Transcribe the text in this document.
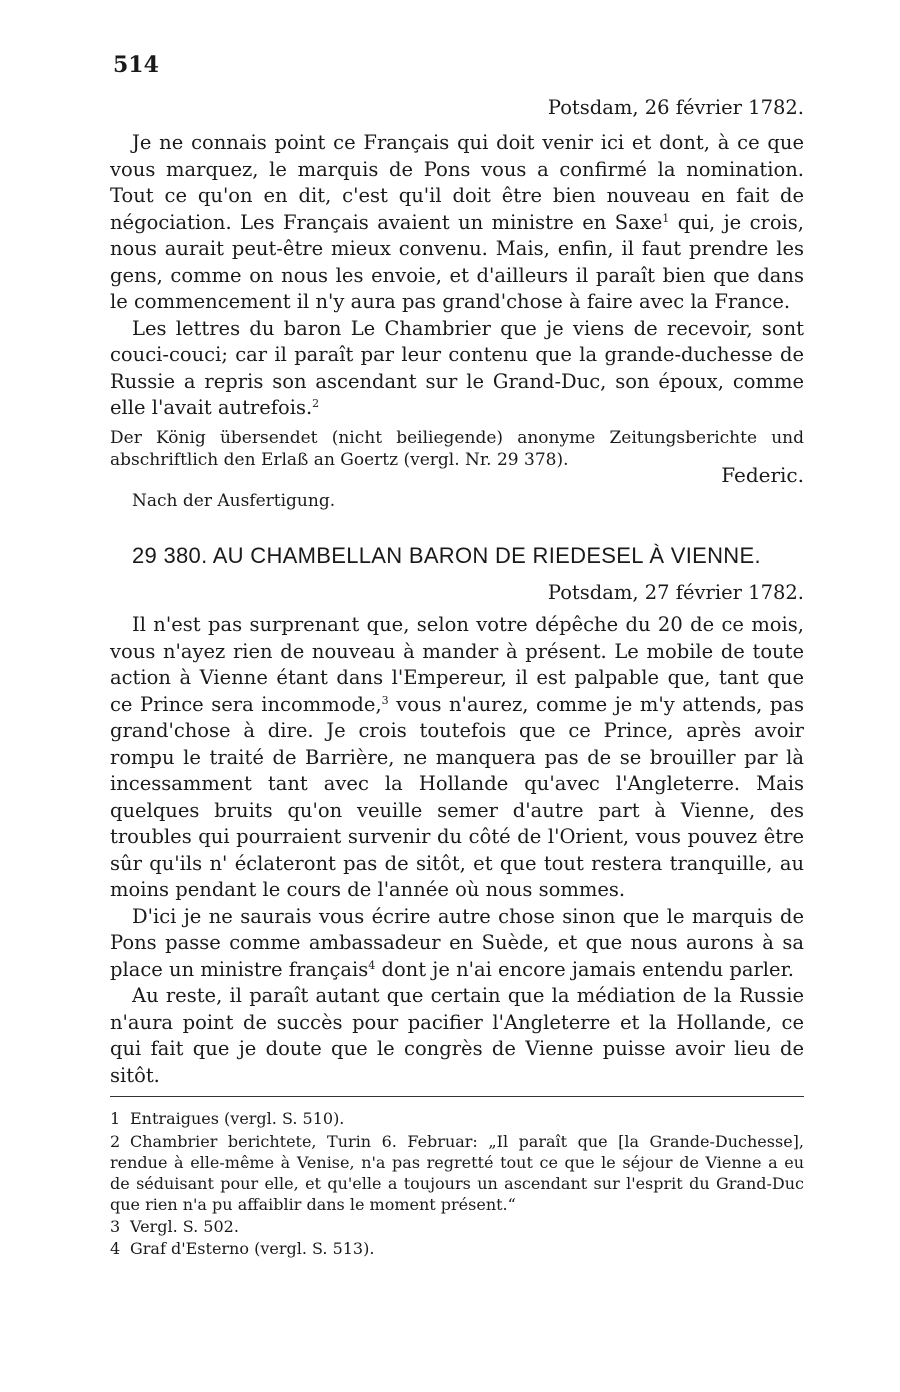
514
Potsdam, 26 février 1782.

Je ne connais point ce Français qui doit venir ici et dont, à ce que vous marquez, le marquis de Pons vous a confirmé la nomination. Tout ce qu'on en dit, c'est qu'il doit être bien nouveau en fait de négociation. Les Français avaient un ministre en Saxe$^1$ qui, je crois, nous aurait peut-être mieux convenu. Mais, enfin, il faut prendre les gens, comme on nous les envoie, et d'ailleurs il paraît bien que dans le commencement il n'y aura pas grand'chose à faire avec la France.

Les lettres du baron Le Chambrier que je viens de recevoir, sont couci-couci; car il paraît par leur contenu que la grande-duchesse de Russie a repris son ascendant sur le Grand-Duc, son époux, comme elle l'avait autrefois.$^2$

Der König übersendet (nicht beiliegende) anonyme Zeitungsberichte und abschriftlich den Erlaß an Goertz (vergl. Nr. 29 378).
Federic.
Nach der Ausfertigung.
29 380. AU CHAMBELLAN BARON DE RIEDESEL À VIENNE.
Potsdam, 27 février 1782.

Il n'est pas surprenant que, selon votre dépêche du 20 de ce mois, vous n'ayez rien de nouveau à mander à présent. Le mobile de toute action à Vienne étant dans l'Empereur, il est palpable que, tant que ce Prince sera incommode,$^3$ vous n'aurez, comme je m'y attends, pas grand'chose à dire. Je crois toutefois que ce Prince, après avoir rompu le traité de Barrière, ne manquera pas de se brouiller par là incessamment tant avec la Hollande qu'avec l'Angleterre. Mais quelques bruits qu'on veuille semer d'autre part à Vienne, des troubles qui pourraient survenir du côté de l'Orient, vous pouvez être sûr qu'ils n' éclateront pas de sitôt, et que tout restera tranquille, au moins pendant le cours de l'année où nous sommes.

D'ici je ne saurais vous écrire autre chose sinon que le marquis de Pons passe comme ambassadeur en Suède, et que nous aurons à sa place un ministre français$^4$ dont je n'ai encore jamais entendu parler.

Au reste, il paraît autant que certain que la médiation de la Russie n'aura point de succès pour pacifier l'Angleterre et la Hollande, ce qui fait que je doute que le congrès de Vienne puisse avoir lieu de sitôt.

1 Entraigues (vergl. S. 510).
2 Chambrier berichtete, Turin 6. Februar: „Il paraît que [la Grande-Duchesse], rendue à elle-même à Venise, n'a pas regretté tout ce que le séjour de Vienne a eu de séduisant pour elle, et qu'elle a toujours un ascendant sur l'esprit du Grand-Duc que rien n'a pu affaiblir dans le moment présent.“
3 Vergl. S. 502.
4 Graf d'Esterno (vergl. S. 513).
